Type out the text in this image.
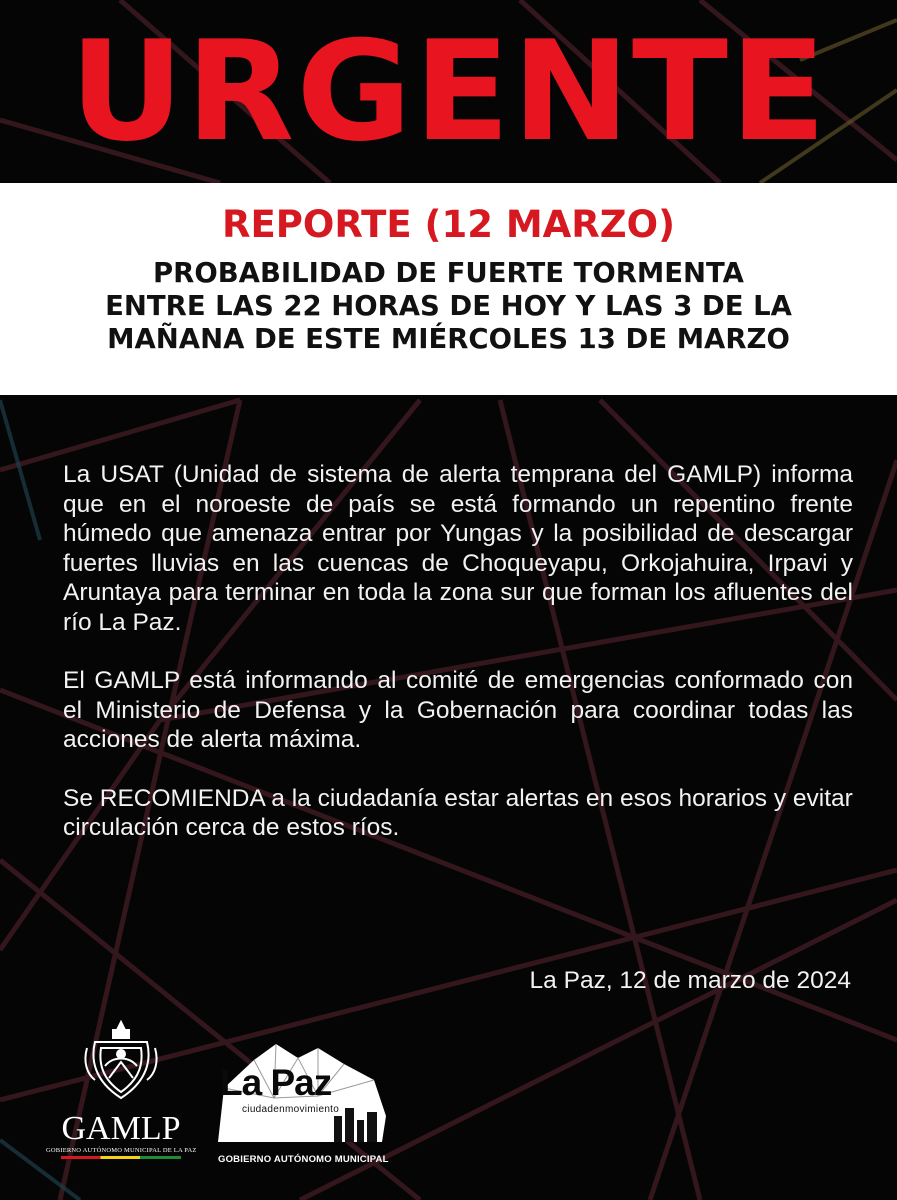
URGENTE
REPORTE (12 MARZO)
PROBABILIDAD DE FUERTE TORMENTA
ENTRE LAS 22 HORAS DE HOY Y LAS 3 DE LA
MAÑANA DE ESTE MIÉRCOLES 13 DE MARZO

La USAT (Unidad de sistema de alerta temprana del GAMLP) informa que en el noroeste de país se está formando un repentino frente húmedo que amenaza entrar por Yungas y la posibilidad de descargar fuertes lluvias en las cuencas de Choqueyapu, Orkojahuira, Irpavi y Aruntaya para terminar en toda la zona sur que forman los afluentes del río La Paz.

El GAMLP está informando al comité de emergencias conformado con el Ministerio de Defensa y la Gobernación para coordinar todas las acciones de alerta máxima.

Se RECOMIENDA a la ciudadanía estar alertas en esos horarios y evitar circulación cerca de estos ríos.

La Paz, 12 de marzo de 2024
GAMLP
GOBIERNO AUTÓNOMO MUNICIPAL DE LA PAZ
La Paz
ciudadenmovimiento
GOBIERNO AUTÓNOMO MUNICIPAL
